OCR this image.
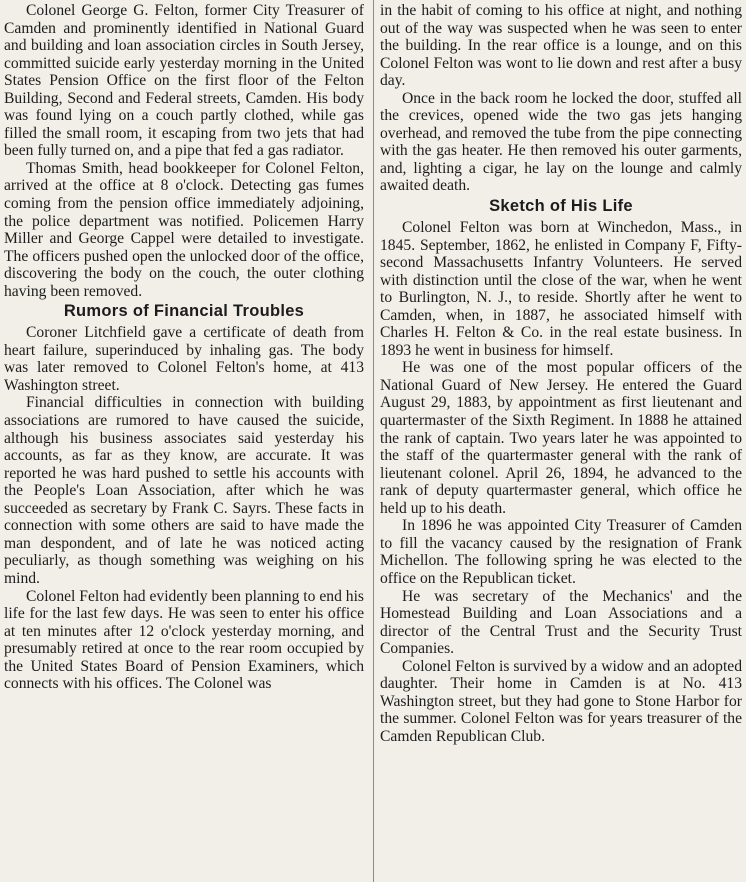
Colonel George G. Felton, former City Treasurer of Camden and prominently identified in National Guard and building and loan association circles in South Jersey, committed suicide early yesterday morning in the United States Pension Office on the first floor of the Felton Building, Second and Federal streets, Camden. His body was found lying on a couch partly clothed, while gas filled the small room, it escaping from two jets that had been fully turned on, and a pipe that fed a gas radiator.

Thomas Smith, head bookkeeper for Colonel Felton, arrived at the office at 8 o'clock. Detecting gas fumes coming from the pension office immediately adjoining, the police department was notified. Policemen Harry Miller and George Cappel were detailed to investigate. The officers pushed open the unlocked door of the office, discovering the body on the couch, the outer clothing having been removed.

Rumors of Financial Troubles

Coroner Litchfield gave a certificate of death from heart failure, superinduced by inhaling gas. The body was later removed to Colonel Felton's home, at 413 Washington street.

Financial difficulties in connection with building associations are rumored to have caused the suicide, although his business associates said yesterday his accounts, as far as they know, are accurate. It was reported he was hard pushed to settle his accounts with the People's Loan Association, after which he was succeeded as secretary by Frank C. Sayrs. These facts in connection with some others are said to have made the man despondent, and of late he was noticed acting peculiarly, as though something was weighing on his mind.

Colonel Felton had evidently been planning to end his life for the last few days. He was seen to enter his office at ten minutes after 12 o'clock yesterday morning, and presumably retired at once to the rear room occupied by the United States Board of Pension Examiners, which connects with his offices. The Colonel was

in the habit of coming to his office at night, and nothing out of the way was suspected when he was seen to enter the building. In the rear office is a lounge, and on this Colonel Felton was wont to lie down and rest after a busy day.

Once in the back room he locked the door, stuffed all the crevices, opened wide the two gas jets hanging overhead, and removed the tube from the pipe connecting with the gas heater. He then removed his outer garments, and, lighting a cigar, he lay on the lounge and calmly awaited death.

Sketch of His Life

Colonel Felton was born at Winchedon, Mass., in 1845. September, 1862, he enlisted in Company F, Fifty-second Massachusetts Infantry Volunteers. He served with distinction until the close of the war, when he went to Burlington, N. J., to reside. Shortly after he went to Camden, when, in 1887, he associated himself with Charles H. Felton & Co. in the real estate business. In 1893 he went in business for himself.

He was one of the most popular officers of the National Guard of New Jersey. He entered the Guard August 29, 1883, by appointment as first lieutenant and quartermaster of the Sixth Regiment. In 1888 he attained the rank of captain. Two years later he was appointed to the staff of the quartermaster general with the rank of lieutenant colonel. April 26, 1894, he advanced to the rank of deputy quartermaster general, which office he held up to his death.

In 1896 he was appointed City Treasurer of Camden to fill the vacancy caused by the resignation of Frank Michellon. The following spring he was elected to the office on the Republican ticket.

He was secretary of the Mechanics' and the Homestead Building and Loan Associations and a director of the Central Trust and the Security Trust Companies.

Colonel Felton is survived by a widow and an adopted daughter. Their home in Camden is at No. 413 Washington street, but they had gone to Stone Harbor for the summer. Colonel Felton was for years treasurer of the Camden Republican Club.
